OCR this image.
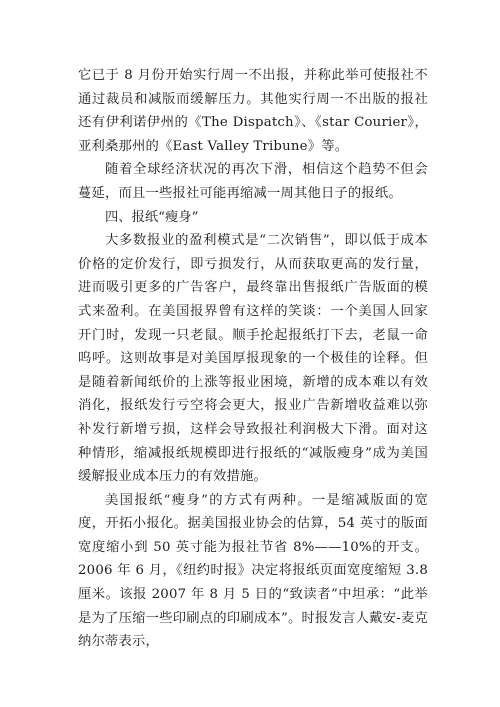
它已于 8 月份开始实行周一不出报，并称此举可使报社不通过裁员和减版而缓解压力。其他实行周一不出版的报社还有伊利诺伊州的《The Dispatch》、《star Courier》，亚利桑那州的《East Valley Tribune》等。

随着全球经济状况的再次下滑，相信这个趋势不但会蔓延，而且一些报社可能再缩减一周其他日子的报纸。

四、报纸“瘦身”

大多数报业的盈利模式是“二次销售”，即以低于成本价格的定价发行，即亏损发行，从而获取更高的发行量，进而吸引更多的广告客户，最终靠出售报纸广告版面的模式来盈利。在美国报界曾有这样的笑谈：一个美国人回家开门时，发现一只老鼠。顺手抡起报纸打下去，老鼠一命呜呼。这则故事是对美国厚报现象的一个极佳的诠释。但是随着新闻纸价的上涨等报业困境，新增的成本难以有效消化，报纸发行亏空将会更大，报业广告新增收益难以弥补发行新增亏损，这样会导致报社利润极大下滑。面对这种情形，缩减报纸规模即进行报纸的“减版瘦身”成为美国缓解报业成本压力的有效措施。

美国报纸“瘦身”的方式有两种。一是缩减版面的宽度，开拓小报化。据美国报业协会的估算，54 英寸的版面宽度缩小到 50 英寸能为报社节省 8%——10%的开支。2006 年 6 月，《纽约时报》决定将报纸页面宽度缩短 3.8 厘米。该报 2007 年 8 月 5 日的“致读者”中坦承：“此举是为了压缩一些印刷点的印刷成本”。时报发言人戴安-麦克纳尔蒂表示，
